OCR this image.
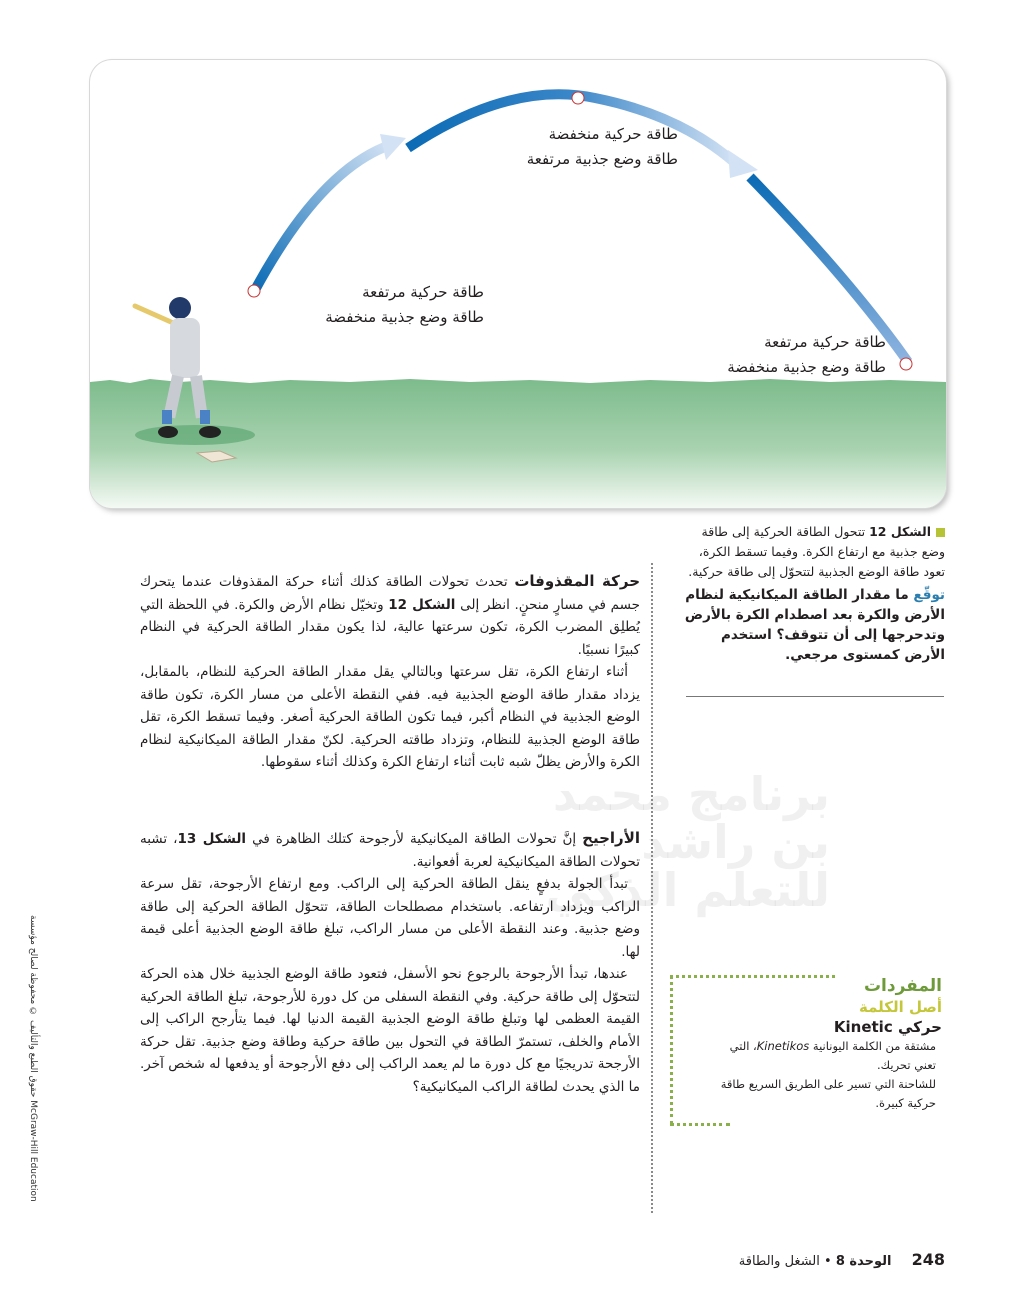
برنامج محمد بن راشد
للتعلم الذكي
طاقة حركية منخفضة
طاقة وضع جذبية مرتفعة
طاقة حركية مرتفعة
طاقة وضع جذبية منخفضة
طاقة حركية مرتفعة
طاقة وضع جذبية منخفضة
الشكل 12 تتحول الطاقة الحركية إلى طاقة وضع جذبية مع ارتفاع الكرة. وفيما تسقط الكرة، تعود طاقة الوضع الجذبية لتتحوّل إلى طاقة حركية.
توقّع ما مقدار الطاقة الميكانيكية لنظام الأرض والكرة بعد اصطدام الكرة بالأرض وتدحرجها إلى أن تتوقف؟ استخدم الأرض كمستوى مرجعي.

حركة المقذوفات تحدث تحولات الطاقة كذلك أثناء حركة المقذوفات عندما يتحرك جسم في مسارٍ منحنٍ. انظر إلى الشكل 12 وتخيّل نظام الأرض والكرة. في اللحظة التي يُطلِق المضرب الكرة، تكون سرعتها عالية، لذا يكون مقدار الطاقة الحركية في النظام كبيرًا نسبيًا.

أثناء ارتفاع الكرة، تقل سرعتها وبالتالي يقل مقدار الطاقة الحركية للنظام، بالمقابل، يزداد مقدار طاقة الوضع الجذبية فيه. ففي النقطة الأعلى من مسار الكرة، تكون طاقة الوضع الجذبية في النظام أكبر، فيما تكون الطاقة الحركية أصغر. وفيما تسقط الكرة، تقل طاقة الوضع الجذبية للنظام، وتزداد طاقته الحركية. لكنّ مقدار الطاقة الميكانيكية لنظام الكرة والأرض يظلّ شبه ثابت أثناء ارتفاع الكرة وكذلك أثناء سقوطها.

الأراجيح إنَّ تحولات الطاقة الميكانيكية لأرجوحة كتلك الظاهرة في الشكل 13، تشبه تحولات الطاقة الميكانيكية لعربة أفعوانية.

تبدأ الجولة بدفعٍ ينقل الطاقة الحركية إلى الراكب. ومع ارتفاع الأرجوحة، تقل سرعة الراكب ويزداد ارتفاعه. باستخدام مصطلحات الطاقة، تتحوّل الطاقة الحركية إلى طاقة وضع جذبية. وعند النقطة الأعلى من مسار الراكب، تبلغ طاقة الوضع الجذبية أعلى قيمة لها.

عندها، تبدأ الأرجوحة بالرجوع نحو الأسفل، فتعود طاقة الوضع الجذبية خلال هذه الحركة لتتحوّل إلى طاقة حركية. وفي النقطة السفلى من كل دورة للأرجوحة، تبلغ الطاقة الحركية القيمة العظمى لها وتبلغ طاقة الوضع الجذبية القيمة الدنيا لها. فيما يتأرجح الراكب إلى الأمام والخلف، تستمرّ الطاقة في التحول بين طاقة حركية وطاقة وضع جذبية. تقل حركة الأرجحة تدريجيًا مع كل دورة ما لم يعمد الراكب إلى دفع الأرجوحة أو يدفعها له شخص آخر. ما الذي يحدث لطاقة الراكب الميكانيكية؟

المفردات
أصل الكلمة
حركي Kinetic
مشتقة من الكلمة اليونانية Kinetikos، التي تعني تحريك.
للشاحنة التي تسير على الطريق السريع طاقة حركية كبيرة.
248 الوحدة 8 • الشغل والطاقة
حقوق الطبع والتأليف © محفوظة لصالح مؤسسة McGraw-Hill Education
